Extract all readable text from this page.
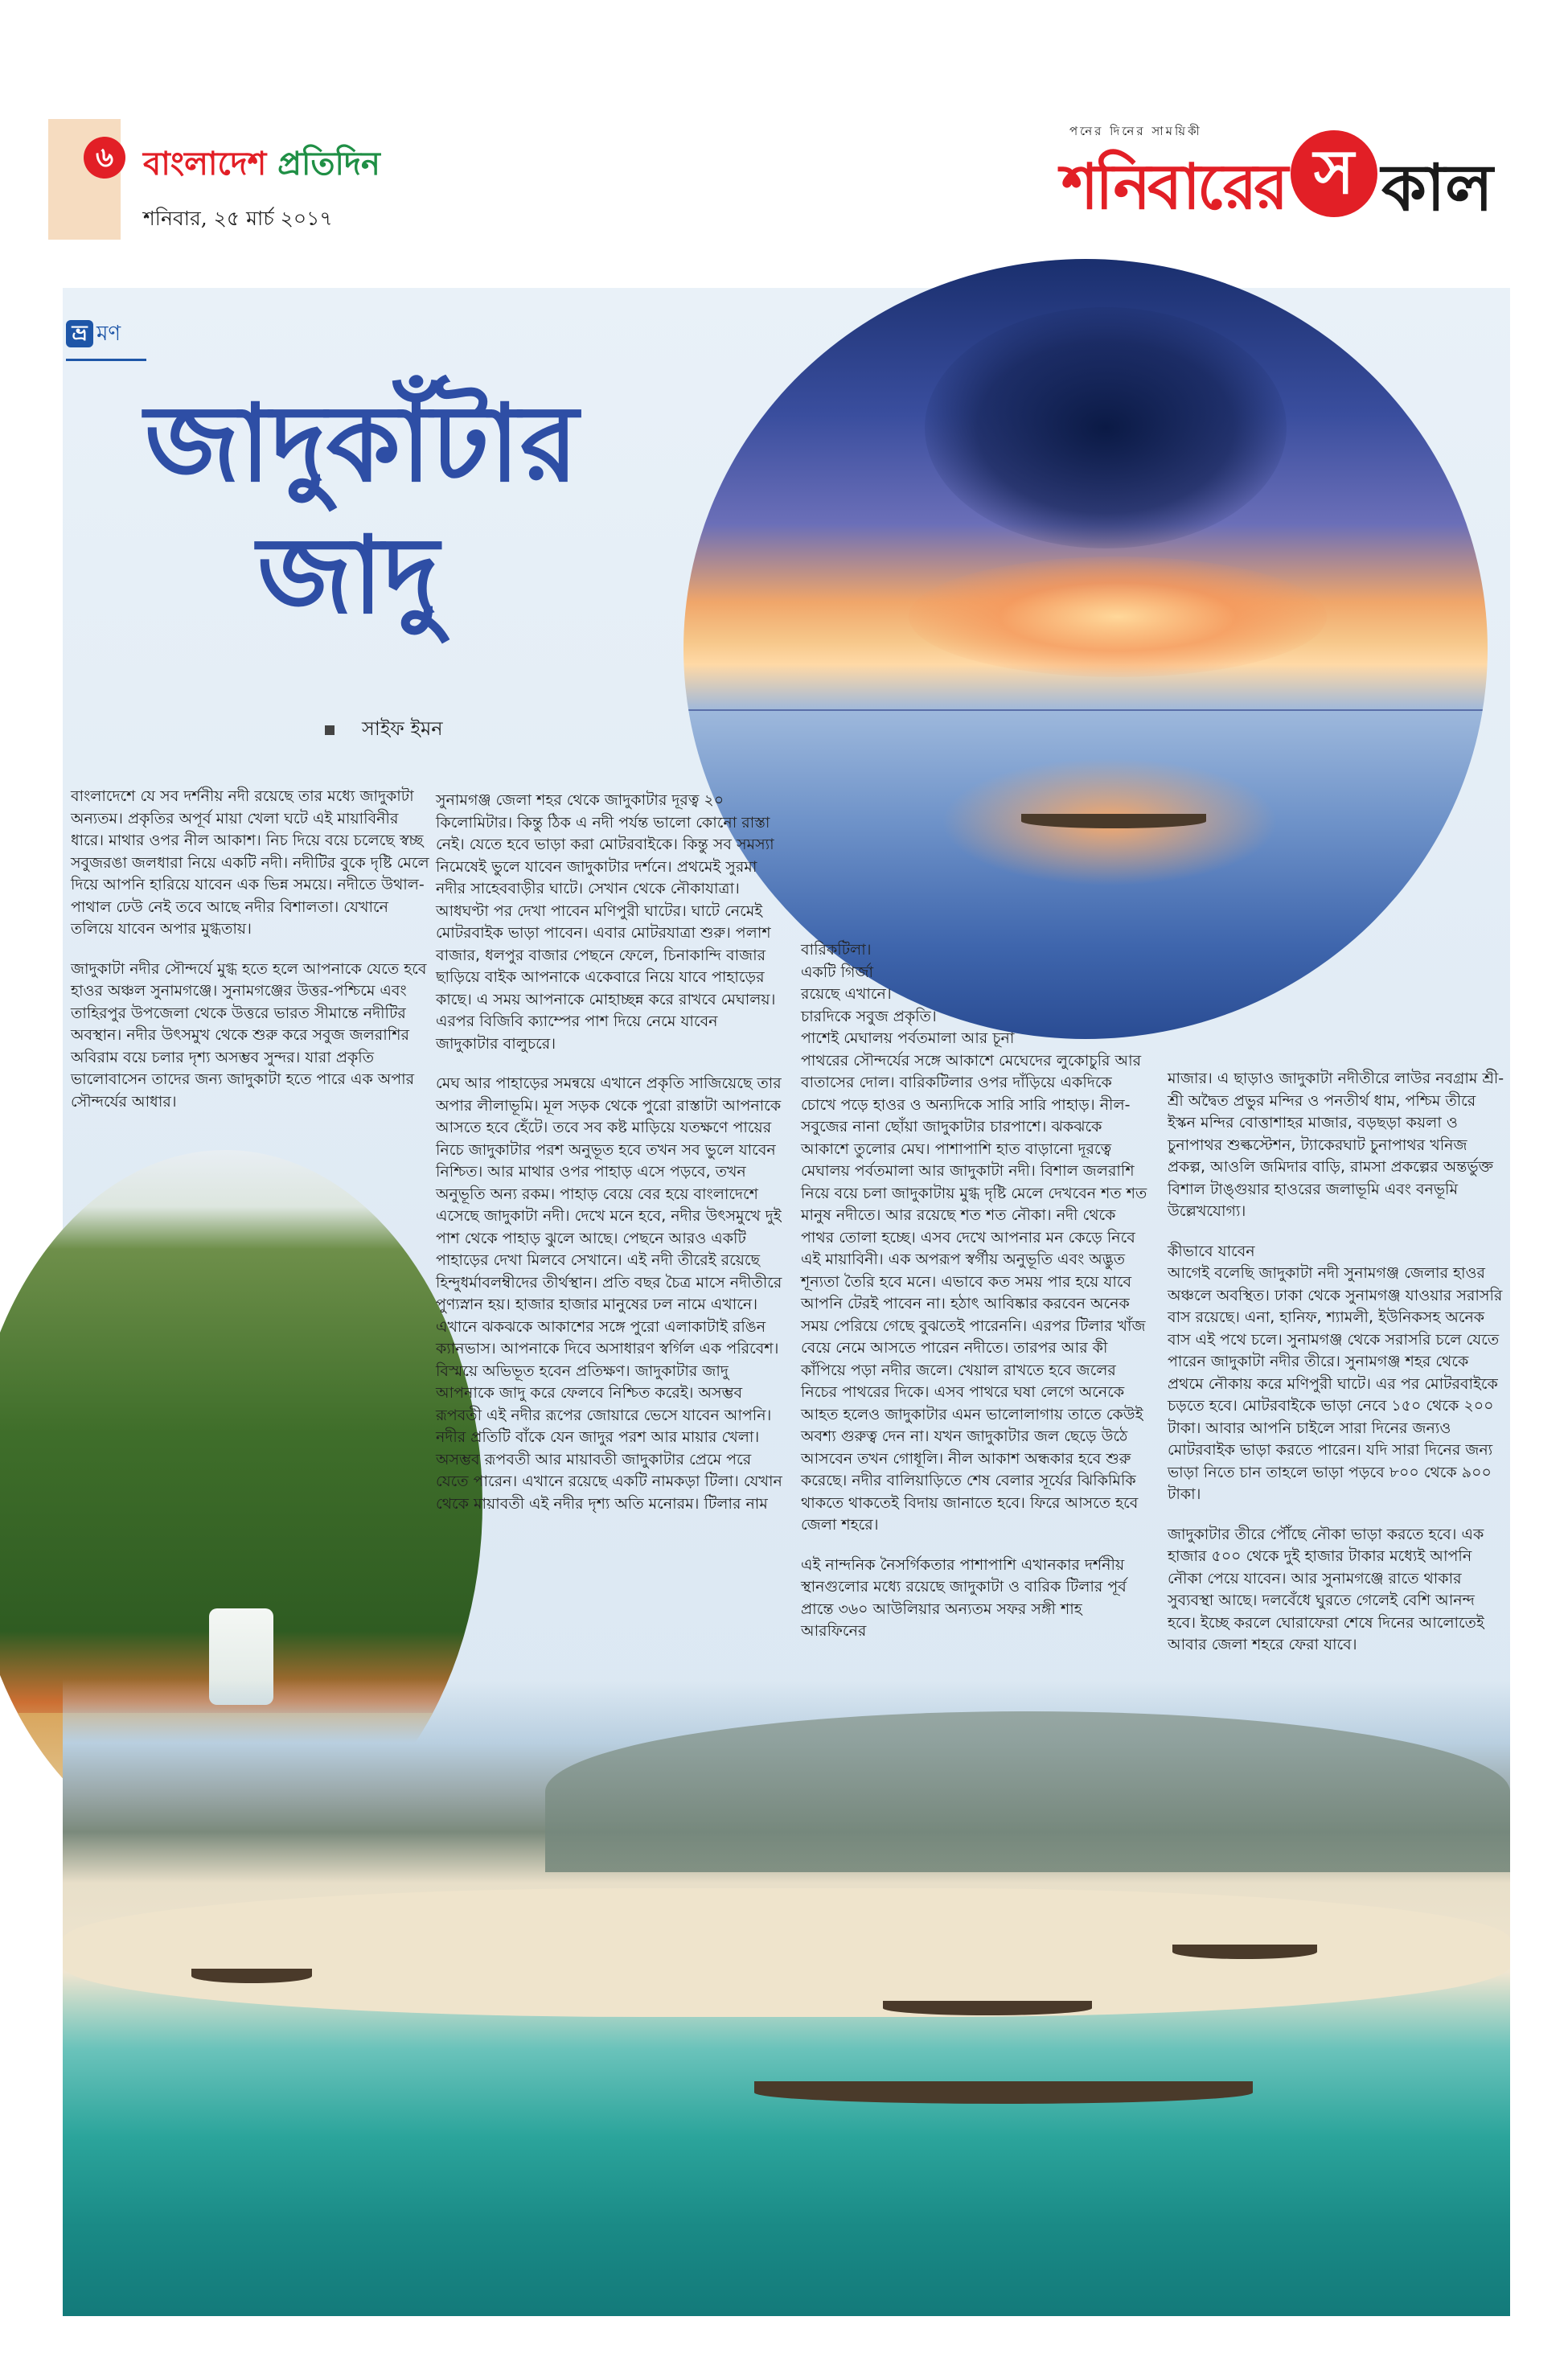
৬ বাংলাদেশ প্রতিদিন
শনিবার, ২৫ মার্চ ২০১৭
পনের দিনের সাময়িকী
শনিবারের স কাল
ভ্র মণ
জাদুকাঁটার
জাদু
সাইফ ইমন

বাংলাদেশে যে সব দর্শনীয় নদী রয়েছে তার মধ্যে জাদুকাটা অন্যতম। প্রকৃতির অপূর্ব মায়া খেলা ঘটে এই মায়াবিনীর ধারে। মাথার ওপর নীল আকাশ। নিচ দিয়ে বয়ে চলেছে স্বচ্ছ সবুজরঙা জলধারা নিয়ে একটি নদী। নদীটির বুকে দৃষ্টি মেলে দিয়ে আপনি হারিয়ে যাবেন এক ভিন্ন সময়ে। নদীতে উথাল-পাথাল ঢেউ নেই তবে আছে নদীর বিশালতা। যেখানে তলিয়ে যাবেন অপার মুগ্ধতায়।

জাদুকাটা নদীর সৌন্দর্যে মুগ্ধ হতে হলে আপনাকে যেতে হবে হাওর অঞ্চল সুনামগঞ্জে। সুনামগঞ্জের উত্তর-পশ্চিমে এবং তাহিরপুর উপজেলা থেকে উত্তরে ভারত সীমান্তে নদীটির অবস্থান। নদীর উৎসমুখ থেকে শুরু করে সবুজ জলরাশির অবিরাম বয়ে চলার দৃশ্য অসম্ভব সুন্দর। যারা প্রকৃতি ভালোবাসেন তাদের জন্য জাদুকাটা হতে পারে এক অপার সৌন্দর্যের আধার।

সুনামগঞ্জ জেলা শহর থেকে জাদুকাটার দূরত্ব ২০ কিলোমিটার। কিন্তু ঠিক এ নদী পর্যন্ত ভালো কোনো রাস্তা নেই। যেতে হবে ভাড়া করা মোটরবাইকে। কিন্তু সব সমস্যা নিমেষেই ভুলে যাবেন জাদুকাটার দর্শনে। প্রথমেই সুরমা নদীর সাহেববাড়ীর ঘাটে। সেখান থেকে নৌকাযাত্রা। আধঘণ্টা পর দেখা পাবেন মণিপুরী ঘাটের। ঘাটে নেমেই মোটরবাইক ভাড়া পাবেন। এবার মোটরযাত্রা শুরু। পলাশ বাজার, ধলপুর বাজার পেছনে ফেলে, চিনাকান্দি বাজার ছাড়িয়ে বাইক আপনাকে একেবারে নিয়ে যাবে পাহাড়ের কাছে। এ সময় আপনাকে মোহাচ্ছন্ন করে রাখবে মেঘালয়। এরপর বিজিবি ক্যাম্পের পাশ দিয়ে নেমে যাবেন জাদুকাটার বালুচরে।

মেঘ আর পাহাড়ের সমন্বয়ে এখানে প্রকৃতি সাজিয়েছে তার অপার লীলাভূমি। মূল সড়ক থেকে পুরো রাস্তাটা আপনাকে আসতে হবে হেঁটে। তবে সব কষ্ট মাড়িয়ে যতক্ষণে পায়ের নিচে জাদুকাটার পরশ অনুভূত হবে তখন সব ভুলে যাবেন নিশ্চিত। আর মাথার ওপর পাহাড় এসে পড়বে, তখন অনুভূতি অন্য রকম। পাহাড় বেয়ে বের হয়ে বাংলাদেশে এসেছে জাদুকাটা নদী। দেখে মনে হবে, নদীর উৎসমুখে দুই পাশ থেকে পাহাড় ঝুলে আছে। পেছনে আরও একটি পাহাড়ের দেখা মিলবে সেখানে। এই নদী তীরেই রয়েছে হিন্দুধর্মাবলম্বীদের তীর্থস্থান। প্রতি বছর চৈত্র মাসে নদীতীরে পুণ্যস্নান হয়। হাজার হাজার মানুষের ঢল নামে এখানে। এখানে ঝকঝকে আকাশের সঙ্গে পুরো এলাকাটাই রঙিন ক্যানভাস। আপনাকে দিবে অসাধারণ স্বর্গিল এক পরিবেশ। বিস্ময়ে অভিভূত হবেন প্রতিক্ষণ। জাদুকাটার জাদু আপনাকে জাদু করে ফেলবে নিশ্চিত করেই। অসম্ভব রূপবতী এই নদীর রূপের জোয়ারে ভেসে যাবেন আপনি। নদীর প্রতিটি বাঁকে যেন জাদুর পরশ আর মায়ার খেলা। অসম্ভব রূপবতী আর মায়াবতী জাদুকাটার প্রেমে পরে যেতে পারেন। এখানে রয়েছে একটি নামকড়া টিলা। যেখান থেকে মায়াবতী এই নদীর দৃশ্য অতি মনোরম। টিলার নাম

বারিকটিলা।
একটি গির্জা
রয়েছে এখানে।
চারদিকে সবুজ প্রকৃতি।
পাশেই মেঘালয় পর্বতমালা আর চূনা

পাথরের সৌন্দর্যের সঙ্গে আকাশে মেঘেদের লুকোচুরি আর বাতাসের দোল। বারিকটিলার ওপর দাঁড়িয়ে একদিকে চোখে পড়ে হাওর ও অন্যদিকে সারি সারি পাহাড়। নীল-সবুজের নানা ছোঁয়া জাদুকাটার চারপাশে। ঝকঝকে আকাশে তুলোর মেঘ। পাশাপাশি হাত বাড়ানো দূরত্বে মেঘালয় পর্বতমালা আর জাদুকাটা নদী। বিশাল জলরাশি নিয়ে বয়ে চলা জাদুকাটায় মুগ্ধ দৃষ্টি মেলে দেখবেন শত শত মানুষ নদীতে। আর রয়েছে শত শত নৌকা। নদী থেকে পাথর তোলা হচ্ছে। এসব দেখে আপনার মন কেড়ে নিবে এই মায়াবিনী। এক অপরূপ স্বর্গীয় অনুভূতি এবং অদ্ভুত শূন্যতা তৈরি হবে মনে। এভাবে কত সময় পার হয়ে যাবে আপনি টেরই পাবেন না। হঠাৎ আবিষ্কার করবেন অনেক সময় পেরিয়ে গেছে বুঝতেই পারেননি। এরপর টিলার খাঁজ বেয়ে নেমে আসতে পারেন নদীতে। তারপর আর কী কাঁপিয়ে পড়া নদীর জলে। খেয়াল রাখতে হবে জলের নিচের পাথরের দিকে। এসব পাথরে ঘষা লেগে অনেকে আহত হলেও জাদুকাটার এমন ভালোলাগায় তাতে কেউই অবশ্য গুরুত্ব দেন না। যখন জাদুকাটার জল ছেড়ে উঠে আসবেন তখন গোধূলি। নীল আকাশ অন্ধকার হবে শুরু করেছে। নদীর বালিয়াড়িতে শেষ বেলার সূর্যের ঝিকিমিকি থাকতে থাকতেই বিদায় জানাতে হবে। ফিরে আসতে হবে জেলা শহরে।

এই নান্দনিক নৈসর্গিকতার পাশাপাশি এখানকার দর্শনীয় স্থানগুলোর মধ্যে রয়েছে জাদুকাটা ও বারিক টিলার পূর্ব প্রান্তে ৩৬০ আউলিয়ার অন্যতম সফর সঙ্গী শাহ আরফিনের

মাজার। এ ছাড়াও জাদুকাটা নদীতীরে লাউর নবগ্রাম শ্রী-শ্রী অদ্বৈত প্রভুর মন্দির ও পনতীর্থ ধাম, পশ্চিম তীরে ইস্কন মন্দির বোত্তাশাহর মাজার, বড়ছড়া কয়লা ও চুনাপাথর শুল্কস্টেশন, ট্যাকেরঘাট চুনাপাথর খনিজ প্রকল্প, আওলি জমিদার বাড়ি, রামসা প্রকল্পের অন্তর্ভুক্ত বিশাল টাঙ্গুয়ার হাওরের জলাভূমি এবং বনভূমি উল্লেখযোগ্য।

কীভাবে যাবেন

আগেই বলেছি জাদুকাটা নদী সুনামগঞ্জ জেলার হাওর অঞ্চলে অবস্থিত। ঢাকা থেকে সুনামগঞ্জ যাওয়ার সরাসরি বাস রয়েছে। এনা, হানিফ, শ্যামলী, ইউনিকসহ অনেক বাস এই পথে চলে। সুনামগঞ্জ থেকে সরাসরি চলে যেতে পারেন জাদুকাটা নদীর তীরে। সুনামগঞ্জ শহর থেকে প্রথমে নৌকায় করে মণিপুরী ঘাটে। এর পর মোটরবাইকে চড়তে হবে। মোটরবাইকে ভাড়া নেবে ১৫০ থেকে ২০০ টাকা। আবার আপনি চাইলে সারা দিনের জন্যও মোটরবাইক ভাড়া করতে পারেন। যদি সারা দিনের জন্য ভাড়া নিতে চান তাহলে ভাড়া পড়বে ৮০০ থেকে ৯০০ টাকা।

জাদুকাটার তীরে পৌঁছে নৌকা ভাড়া করতে হবে। এক হাজার ৫০০ থেকে দুই হাজার টাকার মধ্যেই আপনি নৌকা পেয়ে যাবেন। আর সুনামগঞ্জে রাতে থাকার সুব্যবস্থা আছে। দলবেঁধে ঘুরতে গেলেই বেশি আনন্দ হবে। ইচ্ছে করলে ঘোরাফেরা শেষে দিনের আলোতেই আবার জেলা শহরে ফেরা যাবে।
